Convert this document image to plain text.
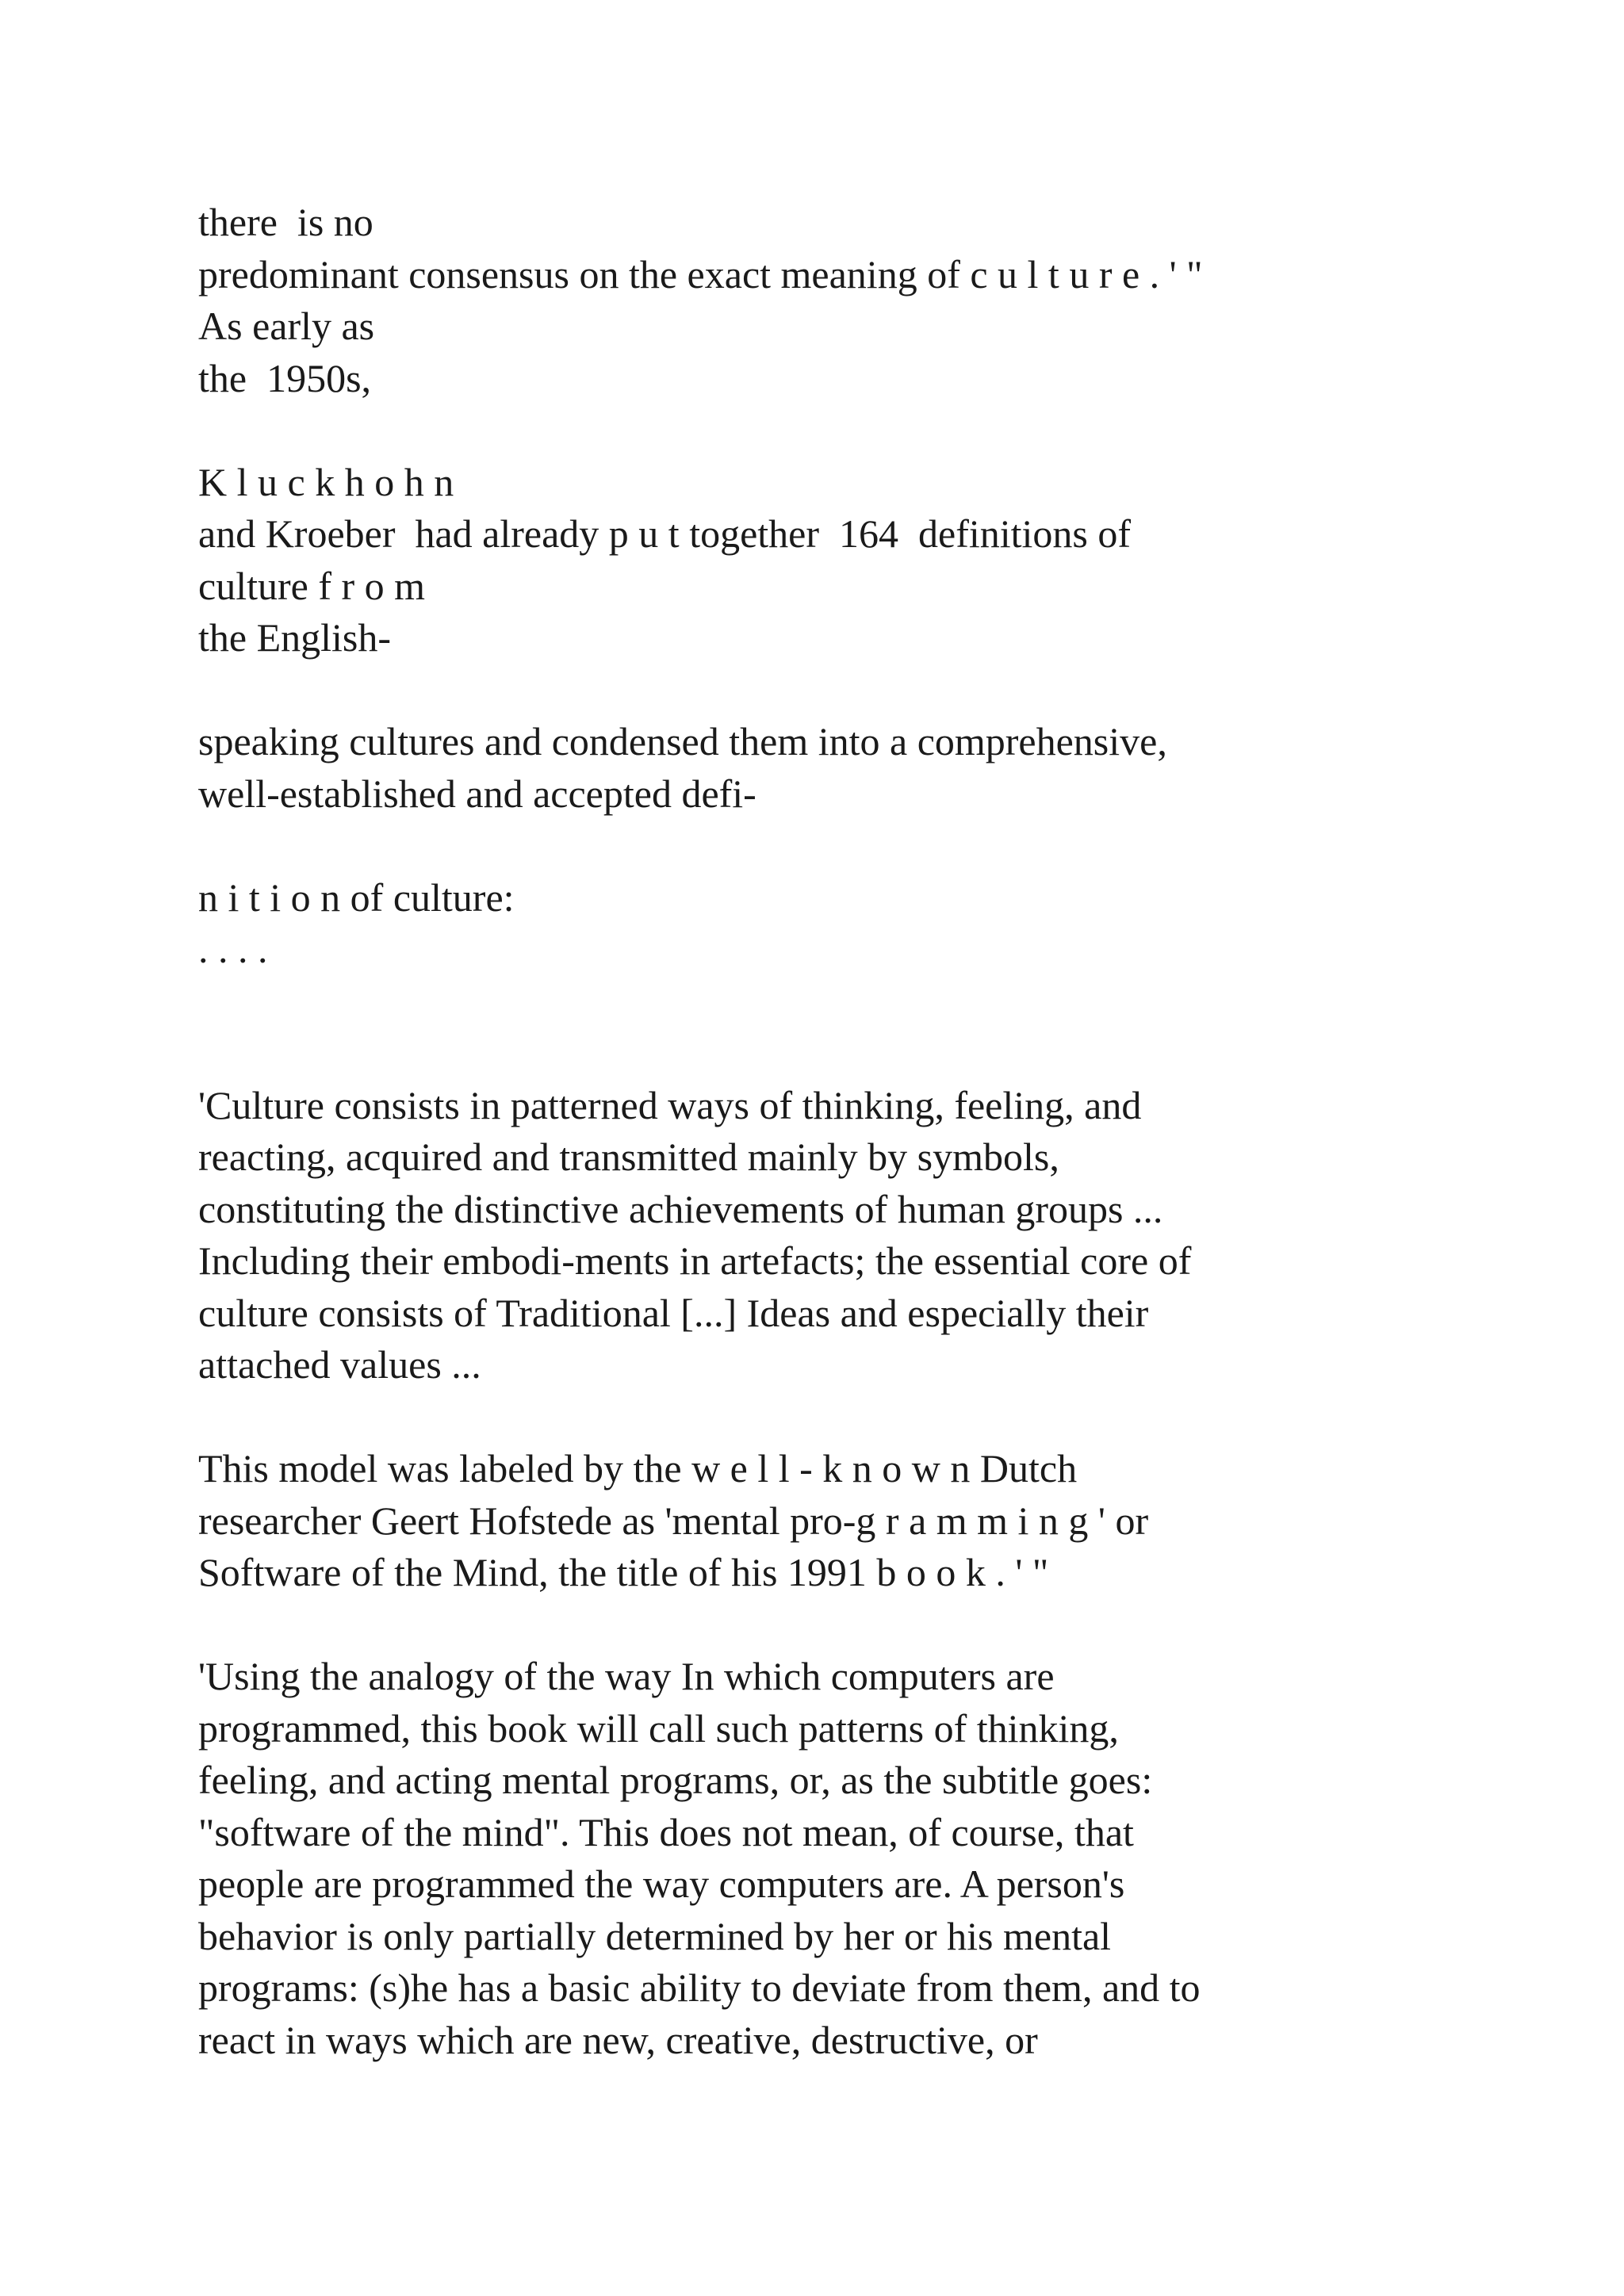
there  is no
predominant consensus on the exact meaning of c u l t u r e . ' "
As early as
the  1950s,
K l u c k h o h n
and Kroeber  had already p u t together  164  definitions of
culture f r o m
the English-
speaking cultures and condensed them into a comprehensive,
well-established and accepted defi-
n i t i o n of culture:
. . . .
'Culture consists in patterned ways of thinking, feeling, and
reacting, acquired and transmitted mainly by symbols,
constituting the distinctive achievements of human groups ...
Including their embodi-ments in artefacts; the essential core of
culture consists of Traditional [...] Ideas and especially their
attached values ...
This model was labeled by the w e l l - k n o w n Dutch
researcher Geert Hofstede as 'mental pro-g r a m m i n g ' or
Software of the Mind, the title of his 1991 b o o k . ' "
'Using the analogy of the way In which computers are
programmed, this book will call such patterns of thinking,
feeling, and acting mental programs, or, as the subtitle goes:
"software of the mind". This does not mean, of course, that
people are programmed the way computers are. A person's
behavior is only partially determined by her or his mental
programs: (s)he has a basic ability to deviate from them, and to
react in ways which are new, creative, destructive, or
